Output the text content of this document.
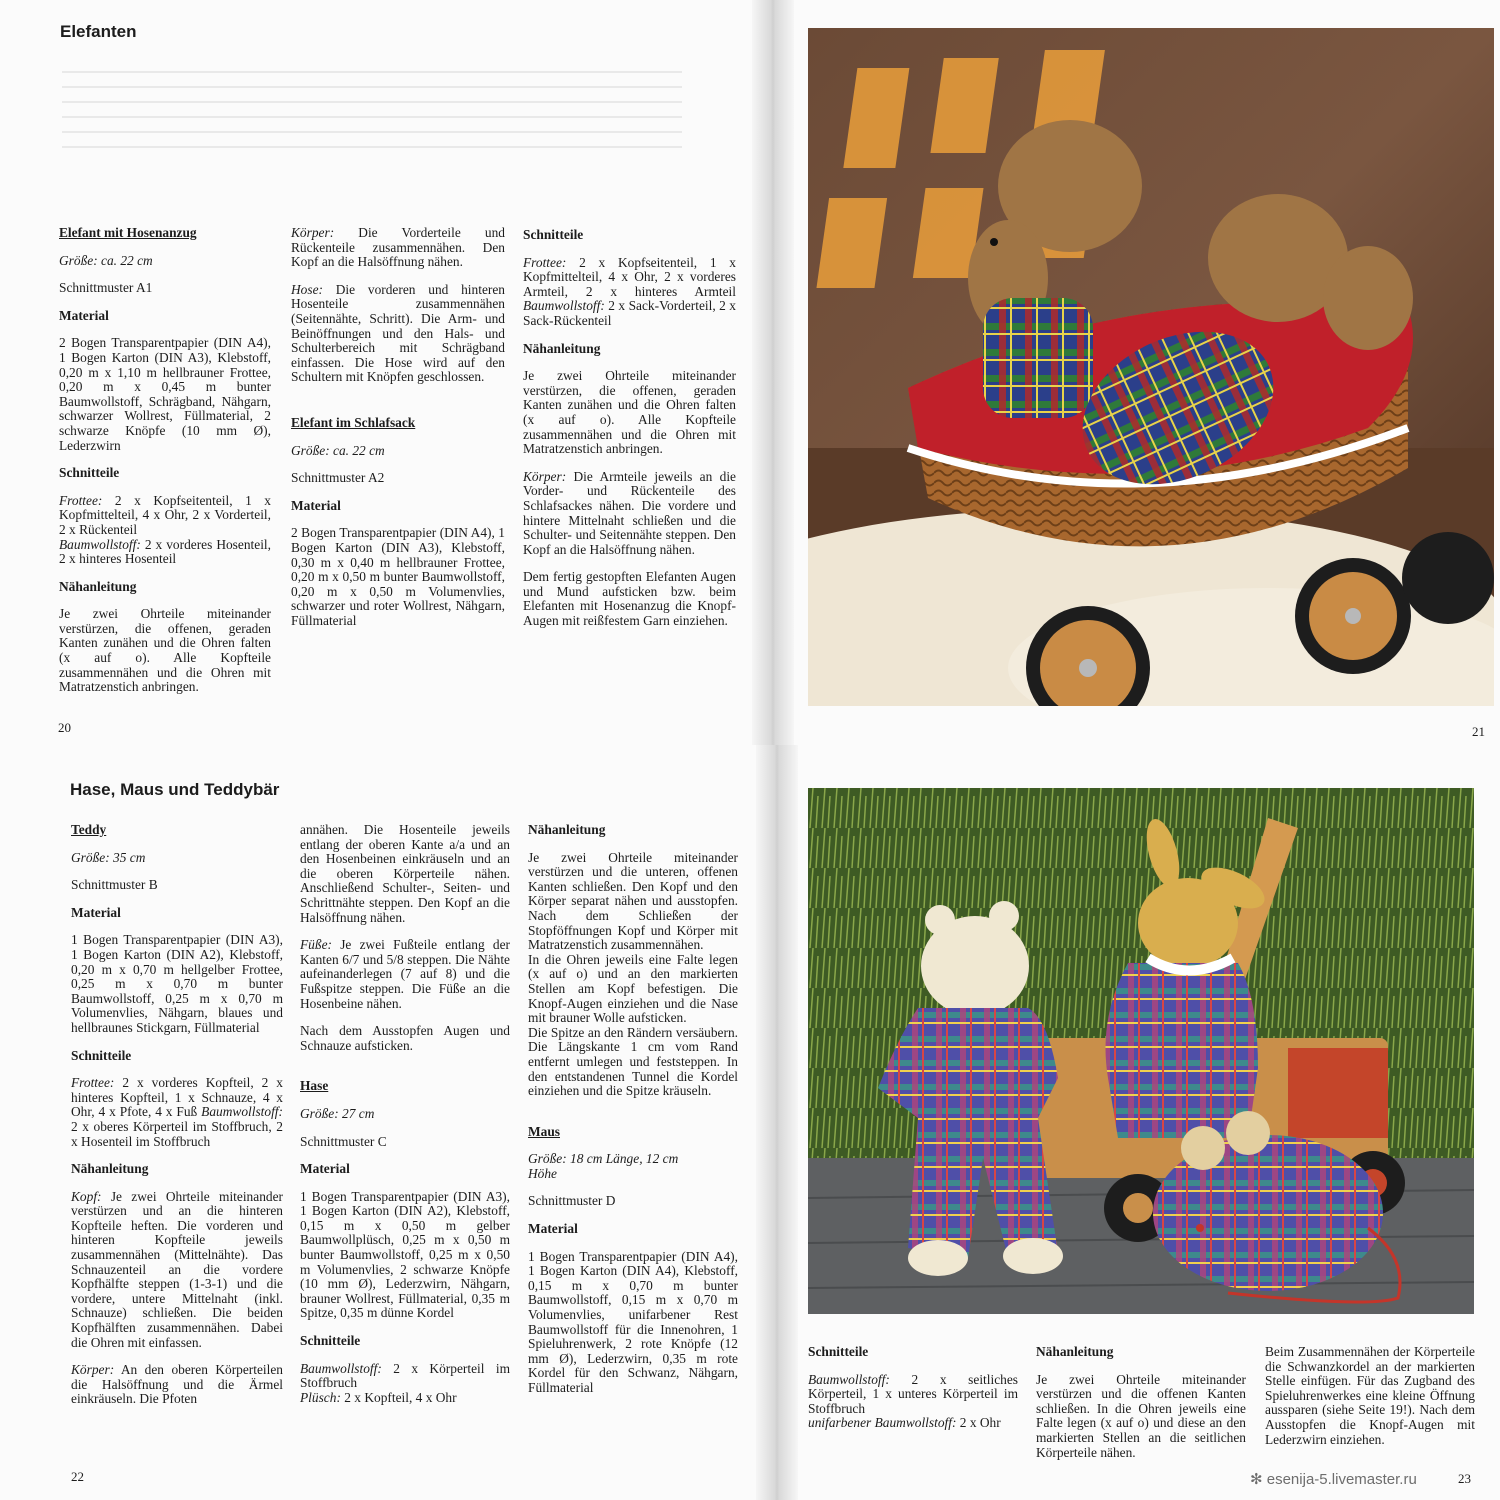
Elefanten

Elefant mit Hosenanzug

Größe: ca. 22 cm

Schnittmuster A1

Material

2 Bogen Transparentpapier (DIN A4), 1 Bogen Karton (DIN A3), Klebstoff, 0,20 m x 1,10 m hellbrauner Frottee, 0,20 m x 0,45 m bunter Baumwollstoff, Schrägband, Nähgarn, schwarzer Wollrest, Füllmaterial, 2 schwarze Knöpfe (10 mm Ø), Lederzwirn

Schnitteile

Frottee: 2 x Kopfseitenteil, 1 x Kopfmittelteil, 4 x Ohr, 2 x Vorderteil, 2 x Rückenteil
Baumwollstoff: 2 x vorderes Hosenteil, 2 x hinteres Hosenteil

Nähanleitung

Je zwei Ohrteile miteinander verstürzen, die offenen, geraden Kanten zunähen und die Ohren falten (x auf o). Alle Kopfteile zusammennähen und die Ohren mit Matratzenstich anbringen.

Körper: Die Vorderteile und Rückenteile zusammennähen. Den Kopf an die Halsöffnung nähen.

Hose: Die vorderen und hinteren Hosenteile zusammennähen (Seitennähte, Schritt). Die Arm- und Beinöffnungen und den Hals- und Schulterbereich mit Schrägband einfassen. Die Hose wird auf den Schultern mit Knöpfen geschlossen.

Elefant im Schlafsack

Größe: ca. 22 cm

Schnittmuster A2

Material

2 Bogen Transparentpapier (DIN A4), 1 Bogen Karton (DIN A3), Klebstoff, 0,30 m x 0,40 m hellbrauner Frottee, 0,20 m x 0,50 m bunter Baumwollstoff, 0,20 m x 0,50 m Volumenvlies, schwarzer und roter Wollrest, Nähgarn, Füllmaterial

Schnitteile

Frottee: 2 x Kopfseitenteil, 1 x Kopfmittelteil, 4 x Ohr, 2 x vorderes Armteil, 2 x hinteres Armteil Baumwollstoff: 2 x Sack-Vorderteil, 2 x Sack-Rückenteil

Nähanleitung

Je zwei Ohrteile miteinander verstürzen, die offenen, geraden Kanten zunähen und die Ohren falten (x auf o). Alle Kopfteile zusammennähen und die Ohren mit Matratzenstich anbringen.

Körper: Die Armteile jeweils an die Vorder- und Rückenteile des Schlafsackes nähen. Die vordere und hintere Mittelnaht schließen und die Schulter- und Seitennähte steppen. Den Kopf an die Halsöffnung nähen.

Dem fertig gestopften Elefanten Augen und Mund aufsticken bzw. beim Elefanten mit Hosenanzug die Knopf-Augen mit reißfestem Garn einziehen.

20	21
Hase, Maus und Teddybär

Teddy

Größe: 35 cm

Schnittmuster B

Material

1 Bogen Transparentpapier (DIN A3), 1 Bogen Karton (DIN A2), Klebstoff, 0,20 m x 0,70 m hellgelber Frottee, 0,25 m x 0,70 m bunter Baumwollstoff, 0,25 m x 0,70 m Volumenvlies, Nähgarn, blaues und hellbraunes Stickgarn, Füllmaterial

Schnitteile

Frottee: 2 x vorderes Kopfteil, 2 x hinteres Kopfteil, 1 x Schnauze, 4 x Ohr, 4 x Pfote, 4 x Fuß Baumwollstoff: 2 x oberes Körperteil im Stoffbruch, 2 x Hosenteil im Stoffbruch

Nähanleitung

Kopf: Je zwei Ohrteile miteinander verstürzen und an die hinteren Kopfteile heften. Die vorderen und hinteren Kopfteile jeweils zusammennähen (Mittelnähte). Das Schnauzenteil an die vordere Kopfhälfte steppen (1-3-1) und die vordere, untere Mittelnaht (inkl. Schnauze) schließen. Die beiden Kopfhälften zusammennähen. Dabei die Ohren mit einfassen.

Körper: An den oberen Körperteilen die Halsöffnung und die Ärmel einkräuseln. Die Pfoten

annähen. Die Hosenteile jeweils entlang der oberen Kante a/a und an den Hosenbeinen einkräuseln und an die oberen Körperteile nähen. Anschließend Schulter-, Seiten- und Schrittnähte steppen. Den Kopf an die Halsöffnung nähen.

Füße: Je zwei Fußteile entlang der Kanten 6/7 und 5/8 steppen. Die Nähte aufeinanderlegen (7 auf 8) und die Fußspitze steppen. Die Füße an die Hosenbeine nähen.

Nach dem Ausstopfen Augen und Schnauze aufsticken.

Hase

Größe: 27 cm

Schnittmuster C

Material

1 Bogen Transparentpapier (DIN A3), 1 Bogen Karton (DIN A2), Klebstoff, 0,15 m x 0,50 m gelber Baumwollplüsch, 0,25 m x 0,50 m bunter Baumwollstoff, 0,25 m x 0,50 m Volumenvlies, 2 schwarze Knöpfe (10 mm Ø), Lederzwirn, Nähgarn, brauner Wollrest, Füllmaterial, 0,35 m Spitze, 0,35 m dünne Kordel

Schnitteile

Baumwollstoff: 2 x Körperteil im Stoffbruch
Plüsch: 2 x Kopfteil, 4 x Ohr

Nähanleitung

Je zwei Ohrteile miteinander verstürzen und die unteren, offenen Kanten schließen. Den Kopf und den Körper separat nähen und ausstopfen. Nach dem Schließen der Stopföffnungen Kopf und Körper mit Matratzenstich zusammennähen.
In die Ohren jeweils eine Falte legen (x auf o) und an den markierten Stellen am Kopf befestigen. Die Knopf-Augen einziehen und die Nase mit brauner Wolle aufsticken.
Die Spitze an den Rändern versäubern. Die Längskante 1 cm vom Rand entfernt umlegen und feststeppen. In den entstandenen Tunnel die Kordel einziehen und die Spitze kräuseln.

Maus

Größe: 18 cm Länge, 12 cm Höhe

Schnittmuster D

Material

1 Bogen Transparentpapier (DIN A4), 1 Bogen Karton (DIN A4), Klebstoff, 0,15 m x 0,70 m bunter Baumwollstoff, 0,15 m x 0,70 m Volumenvlies, unifarbener Rest Baumwollstoff für die Innenohren, 1 Spieluhrenwerk, 2 rote Knöpfe (12 mm Ø), Lederzwirn, 0,35 m rote Kordel für den Schwanz, Nähgarn, Füllmaterial

22

Schnitteile

Baumwollstoff: 2 x seitliches Körperteil, 1 x unteres Körperteil im Stoffbruch
unifarbener Baumwollstoff: 2 x Ohr

Nähanleitung

Je zwei Ohrteile miteinander verstürzen und die offenen Kanten schließen. In die Ohren jeweils eine Falte legen (x auf o) und diese an den markierten Stellen an die seitlichen Körperteile nähen.

Beim Zusammennähen der Körperteile die Schwanzkordel an der markierten Stelle einfügen. Für das Zugband des Spieluhrenwerkes eine kleine Öffnung aussparen (siehe Seite 19!). Nach dem Ausstopfen die Knopf-Augen mit Lederzwirn einziehen.

23
✻ esenija-5.livemaster.ru
